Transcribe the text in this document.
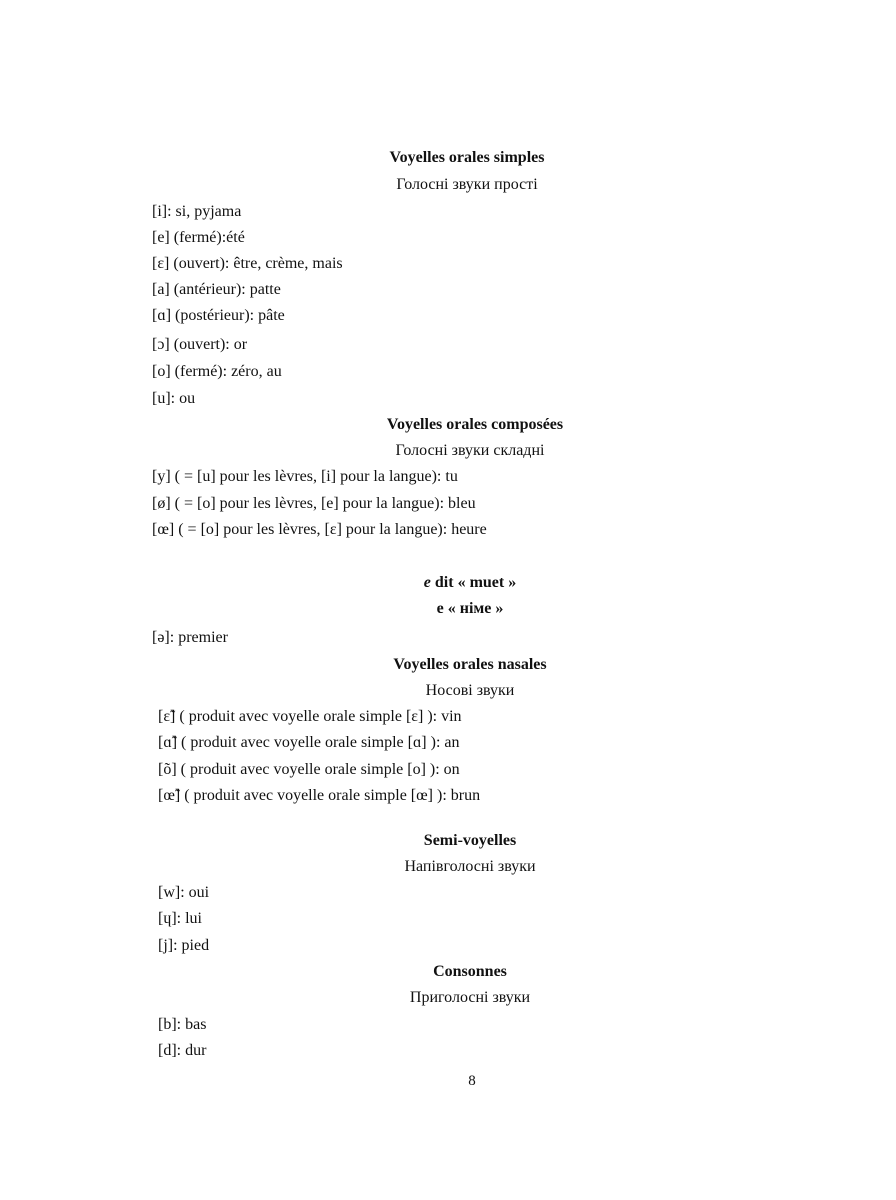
Voyelles orales simples
Голосні звуки прості
[i]: si, pyjama
[e] (fermé):été
[ε] (ouvert): être, crème, mais
[a] (antérieur): patte
[ɑ] (postérieur): pâte
[ɔ] (ouvert): or
[o] (fermé): zéro, au
[u]: ou
Voyelles orales composées
Голосні звуки складні
[y] ( = [u] pour les lèvres, [i] pour la langue): tu
[ø] ( = [o] pour les lèvres, [e] pour la langue): bleu
[œ] ( = [o] pour les lèvres, [ε] pour la langue): heure
e dit « muet »
e « німе »
[ə]: premier
Voyelles orales nasales
Носові звуки
[ε̃] ( produit avec voyelle orale simple [ε] ): vin
[ɑ̃] ( produit avec voyelle orale simple [ɑ] ): an
[õ] ( produit avec voyelle orale simple [o] ): on
[œ̃] ( produit avec voyelle orale simple [œ] ): brun
Semi-voyelles
Напівголосні звуки
[w]: oui
[ɥ]: lui
[j]: pied
Consonnes
Приголосні звуки
[b]: bas
[d]: dur
8
